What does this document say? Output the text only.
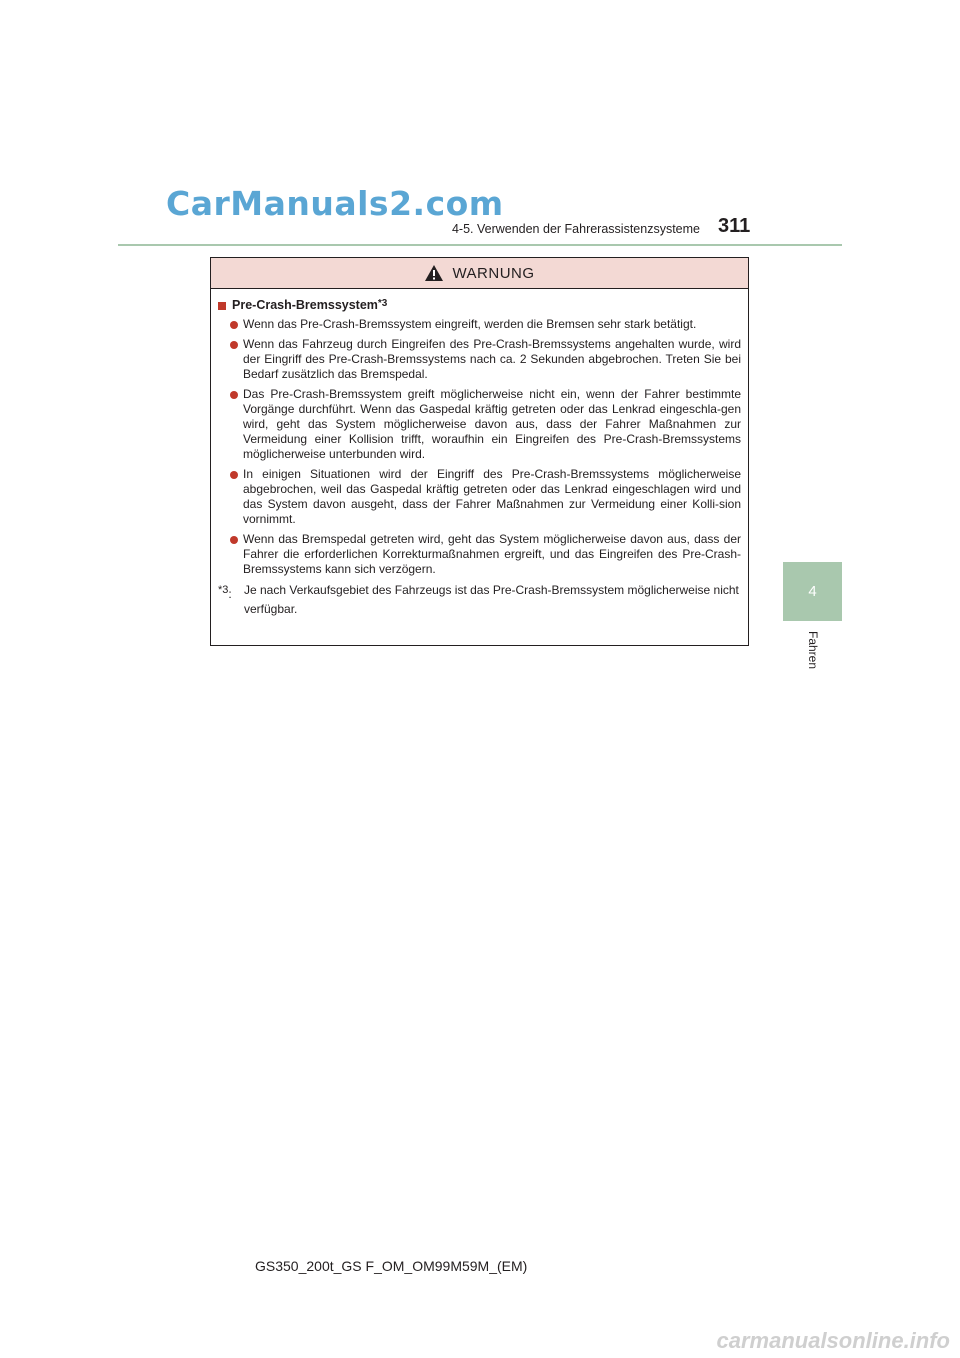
CarManuals2.com
4-5. Verwenden der Fahrerassistenzsysteme 311
4
Fahren
WARNUNG
Pre-Crash-Bremssystem *3
Wenn das Pre-Crash-Bremssystem eingreift, werden die Bremsen sehr stark betätigt.
Wenn das Fahrzeug durch Eingreifen des Pre-Crash-Bremssystems angehalten wurde, wird der Eingriff des Pre-Crash-Bremssystems nach ca. 2 Sekunden abgebrochen. Treten Sie bei Bedarf zusätzlich das Bremspedal.
Das Pre-Crash-Bremssystem greift möglicherweise nicht ein, wenn der Fahrer bestimmte Vorgänge durchführt. Wenn das Gaspedal kräftig getreten oder das Lenkrad eingeschla-gen wird, geht das System möglicherweise davon aus, dass der Fahrer Maßnahmen zur Vermeidung einer Kollision trifft, woraufhin ein Eingreifen des Pre-Crash-Bremssystems möglicherweise unterbunden wird.
In einigen Situationen wird der Eingriff des Pre-Crash-Bremssystems möglicherweise abgebrochen, weil das Gaspedal kräftig getreten oder das Lenkrad eingeschlagen wird und das System davon ausgeht, dass der Fahrer Maßnahmen zur Vermeidung einer Kolli-sion vornimmt.
Wenn das Bremspedal getreten wird, geht das System möglicherweise davon aus, dass der Fahrer die erforderlichen Korrekturmaßnahmen ergreift, und das Eingreifen des Pre-Crash-Bremssystems kann sich verzögern.
$^{*3}$:	Je nach Verkaufsgebiet des Fahrzeugs ist das Pre-Crash-Bremssystem möglicherweise nicht verfügbar.
GS350_200t_GS F_OM_OM99M59M_(EM)
carmanualsonline.info
